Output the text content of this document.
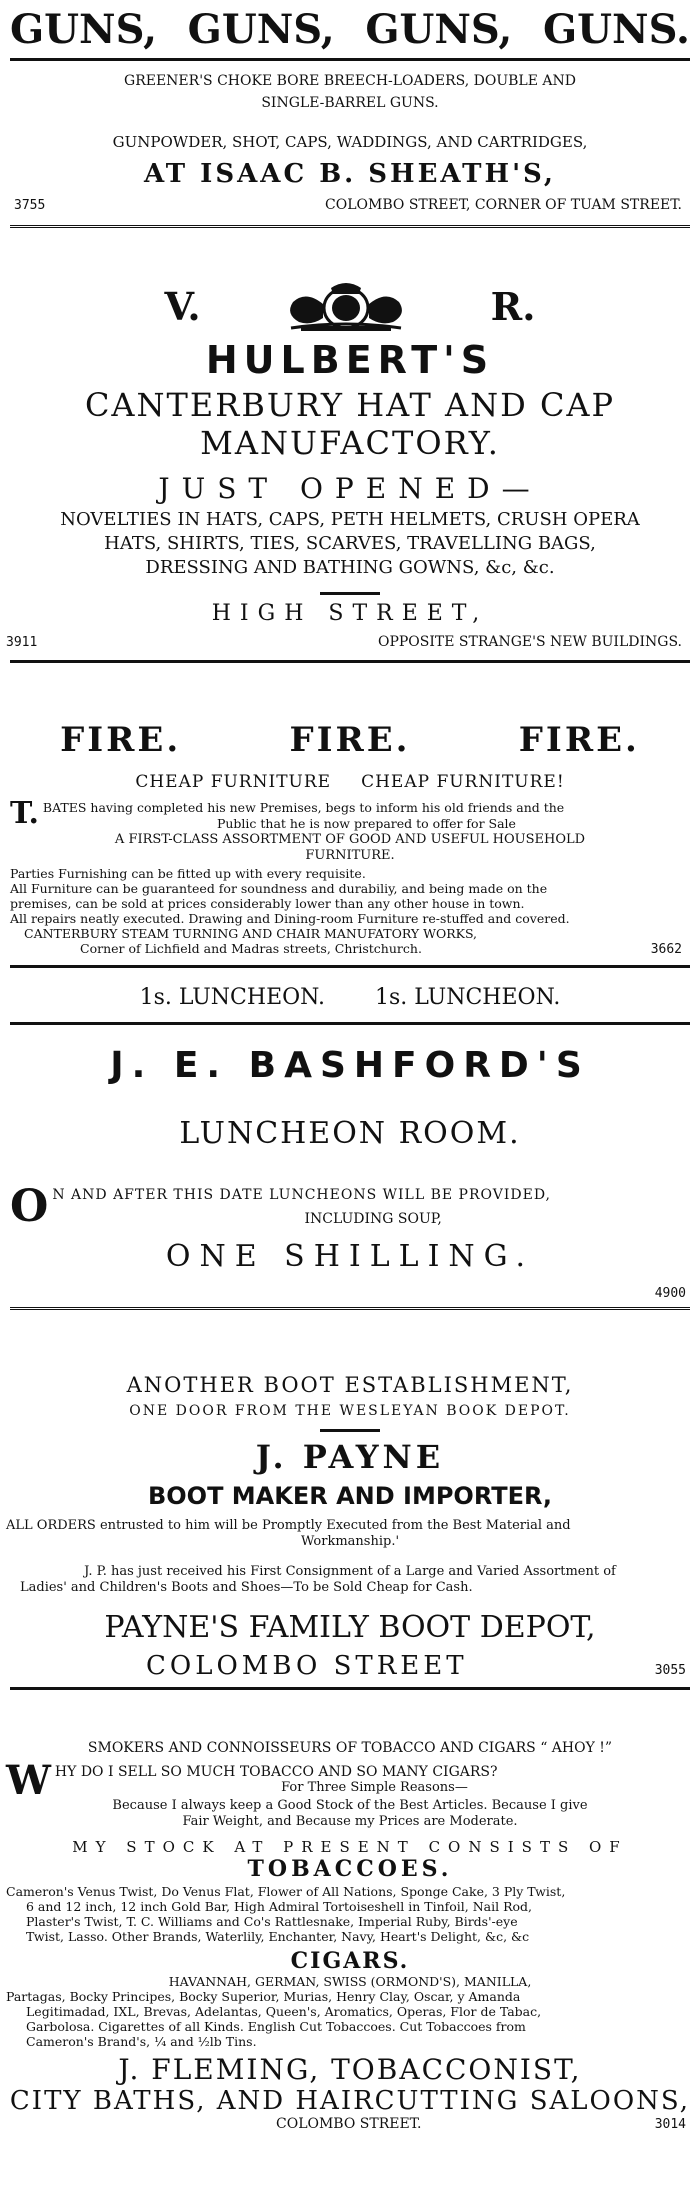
GUNS, GUNS, GUNS, GUNS.

GREENER'S CHOKE BORE BREECH-LOADERS, DOUBLE AND

SINGLE-BARREL GUNS.

GUNPOWDER, SHOT, CAPS, WADDINGS, AND CARTRIDGES,

AT ISAAC B. SHEATH'S,

3755	COLOMBO STREET, CORNER OF TUAM STREET.
V.	R.

HULBERT'S

CANTERBURY HAT AND CAP

MANUFACTORY.

JUST OPENED—

NOVELTIES IN HATS, CAPS, PETH HELMETS, CRUSH OPERA

HATS, SHIRTS, TIES, SCARVES, TRAVELLING BAGS,

DRESSING AND BATHING GOWNS, &c, &c.

HIGH STREET,

3911	OPPOSITE STRANGE'S NEW BUILDINGS.
FIRE.	FIRE.	FIRE.
CHEAP FURNITURE CHEAP FURNITURE!
T. BATES having completed his new Premises, begs to inform his old friends and the

Public that he is now prepared to offer for Sale

A FIRST-CLASS ASSORTMENT OF GOOD AND USEFUL HOUSEHOLD

FURNITURE.

Parties Furnishing can be fitted up with every requisite.

All Furniture can be guaranteed for soundness and durabiliy, and being made on the

premises, can be sold at prices considerably lower than any other house in town.

All repairs neatly executed. Drawing and Dining-room Furniture re-stuffed and covered.

CANTERBURY STEAM TURNING AND CHAIR MANUFATORY WORKS,

Corner of Lichfield and Madras streets, Christchurch.	3662
1s. LUNCHEON. 1s. LUNCHEON.

J. E. BASHFORD'S

LUNCHEON ROOM.

O N AND AFTER THIS DATE LUNCHEONS WILL BE PROVIDED,

INCLUDING SOUP,

ONE SHILLING.

4900

ANOTHER BOOT ESTABLISHMENT,

ONE DOOR FROM THE WESLEYAN BOOK DEPOT.

J. PAYNE

BOOT MAKER AND IMPORTER,

ALL ORDERS entrusted to him will be Promptly Executed from the Best Material and

Workmanship.'

J. P. has just received his First Consignment of a Large and Varied Assortment of

Ladies' and Children's Boots and Shoes—To be Sold Cheap for Cash.

PAYNE'S FAMILY BOOT DEPOT,

COLOMBO STREET	3055

SMOKERS AND CONNOISSEURS OF TOBACCO AND CIGARS “ AHOY !”

W HY DO I SELL SO MUCH TOBACCO AND SO MANY CIGARS?

For Three Simple Reasons—

Because I always keep a Good Stock of the Best Articles. Because I give

Fair Weight, and Because my Prices are Moderate.

MY STOCK AT PRESENT CONSISTS OF

TOBACCOES.

Cameron's Venus Twist, Do Venus Flat, Flower of All Nations, Sponge Cake, 3 Ply Twist,

6 and 12 inch, 12 inch Gold Bar, High Admiral Tortoiseshell in Tinfoil, Nail Rod,

Plaster's Twist, T. C. Williams and Co's Rattlesnake, Imperial Ruby, Birds'-eye

Twist, Lasso. Other Brands, Waterlily, Enchanter, Navy, Heart's Delight, &c, &c

CIGARS.

HAVANNAH, GERMAN, SWISS (ORMOND'S), MANILLA,

Partagas, Bocky Principes, Bocky Superior, Murias, Henry Clay, Oscar, y Amanda

Legitimadad, IXL, Brevas, Adelantas, Queen's, Aromatics, Operas, Flor de Tabac,

Garbolosa. Cigarettes of all Kinds. English Cut Tobaccoes. Cut Tobaccoes from

Cameron's Brand's, ¼ and ½lb Tins.

J. FLEMING, TOBACCONIST,

CITY BATHS, AND HAIRCUTTING SALOONS,

COLOMBO STREET.	3014
